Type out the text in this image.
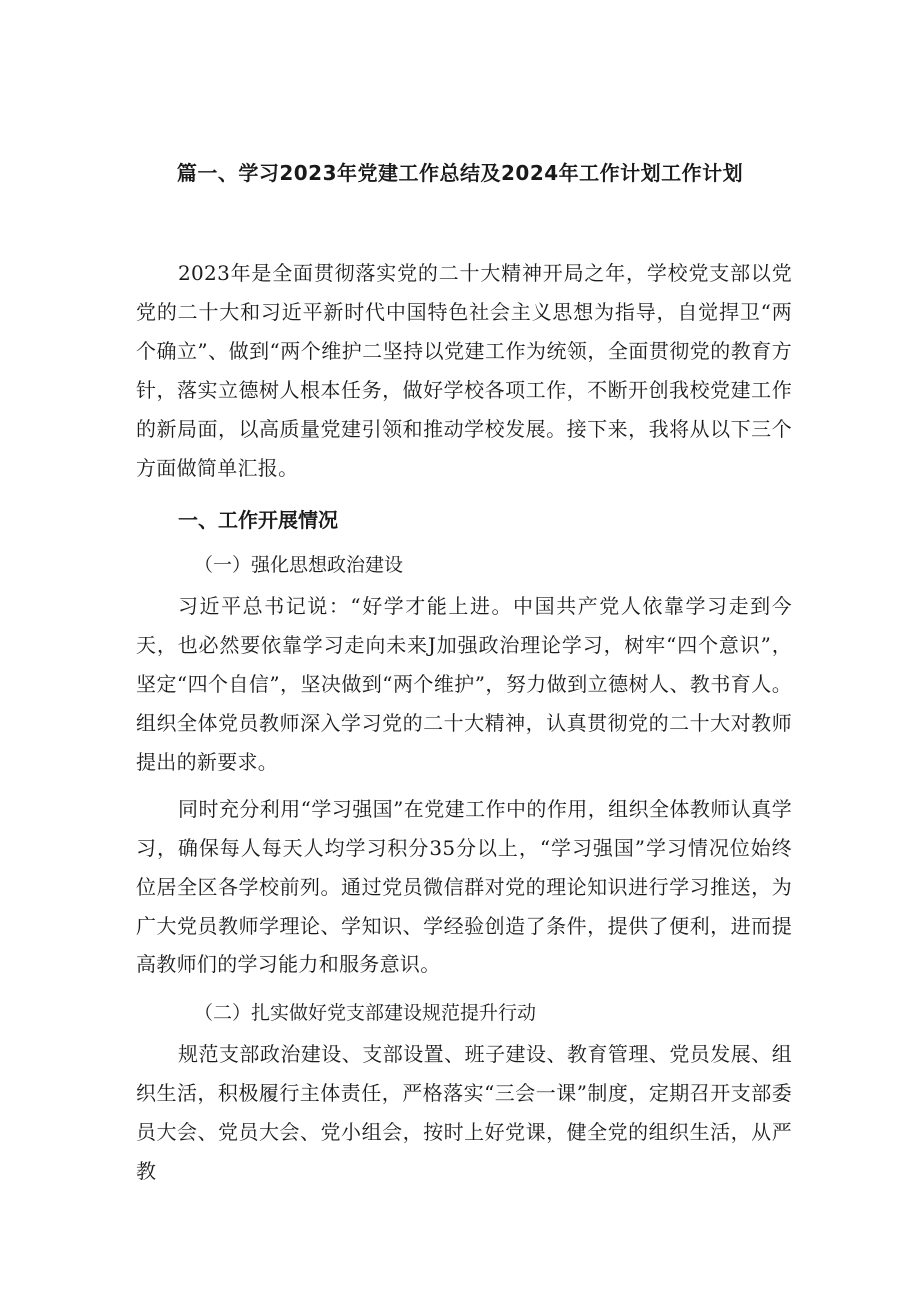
篇一、学习2023年党建工作总结及2024年工作计划工作计划

2023年是全面贯彻落实党的二十大精神开局之年，学校党支部以党党的二十大和习近平新时代中国特色社会主义思想为指导，自觉捍卫“两个确立”、做到“两个维护二坚持以党建工作为统领，全面贯彻党的教育方针，落实立德树人根本任务，做好学校各项工作，不断开创我校党建工作的新局面，以高质量党建引领和推动学校发展。接下来，我将从以下三个方面做简单汇报。

一、工作开展情况

（一）强化思想政治建设

习近平总书记说：“好学才能上进。中国共产党人依靠学习走到今天，也必然要依靠学习走向未来J加强政治理论学习，树牢“四个意识”，坚定“四个自信”，坚决做到“两个维护”，努力做到立德树人、教书育人。组织全体党员教师深入学习党的二十大精神，认真贯彻党的二十大对教师提出的新要求。

同时充分利用“学习强国”在党建工作中的作用，组织全体教师认真学习，确保每人每天人均学习积分35分以上，“学习强国”学习情况位始终位居全区各学校前列。通过党员微信群对党的理论知识进行学习推送，为广大党员教师学理论、学知识、学经验创造了条件，提供了便利，进而提高教师们的学习能力和服务意识。

（二）扎实做好党支部建设规范提升行动

规范支部政治建设、支部设置、班子建设、教育管理、党员发展、组织生活，积极履行主体责任，严格落实“三会一课”制度，定期召开支部委员大会、党员大会、党小组会，按时上好党课，健全党的组织生活，从严教
